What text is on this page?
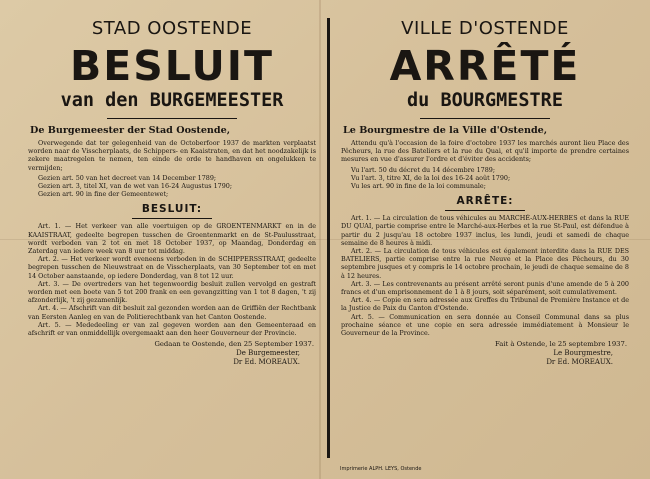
STAD OOSTENDE
BESLUIT
van den BURGEMEESTER
De Burgemeester der Stad Oostende,

Overwegende dat ter gelegenheid van de Octoberfoor 1937 de markten verplaatst worden naar de Visscherplaats, de Schippers- en Kaaistraten, en dat het noodzakelijk is zekere maatregelen te nemen, ten einde de orde te handhaven en ongelukken te vermijden;

Gezien art. 50 van het decreet van 14 December 1789;

Gezien art. 3, titel XI, van de wet van 16-24 Augustus 1790;

Gezien art. 90 in fine der Gemeentewet;

BESLUIT:

Art. 1. — Het verkeer van alle voertuigen op de GROENTENMARKT en in de KAAISTRAAT, gedeelte begrepen tusschen de Groentenmarkt en de St-Paulusstraat, wordt verboden van 2 tot en met 18 October 1937, op Maandag, Donderdag en Zaterdag van iedere week van 8 uur tot middag.

Art. 2. — Het verkeer wordt eveneens verboden in de SCHIPPERSSTRAAT, gedeelte begrepen tusschen de Nieuwstraat en de Visscherplaats, van 30 September tot en met 14 October aanstaande, op iedere Donderdag, van 8 tot 12 uur.

Art. 3. — De overtreders van het tegenwoordig besluit zullen vervolgd en gestraft worden met een boete van 5 tot 200 frank en een gevangzitting van 1 tot 8 dagen, 't zij afzonderlijk, 't zij gezamenlijk.

Art. 4. — Afschrift van dit besluit zal gezonden worden aan de Griffiën der Rechtbank van Eersten Aanleg en van de Politierechtbank van het Canton Oostende.

Art. 5. — Mededeeling er van zal gegeven worden aan den Gemeenteraad en afschrift er van onmiddellijk overgemaakt aan den heer Gouverneur der Provincie.

Gedaan te Oostende, den 25 September 1937.
De Burgemeester,
Dr Ed. MOREAUX.
VILLE D'OSTENDE
ARRÊTÉ
du BOURGMESTRE
Le Bourgmestre de la Ville d'Ostende,

Attendu qu'à l'occasion de la foire d'octobre 1937 les marchés auront lieu Place des Pêcheurs, la rue des Bateliers et la rue du Quai, et qu'il importe de prendre certaines mesures en vue d'assurer l'ordre et d'éviter des accidents;

Vu l'art. 50 du décret du 14 décembre 1789;

Vu l'art. 3, titre XI, de la loi des 16-24 août 1790;

Vu les art. 90 in fine de la loi communale;

ARRÊTE:

Art. 1. — La circulation de tous véhicules au MARCHÉ-AUX-HERBES et dans la RUE DU QUAI, partie comprise entre le Marché-aux-Herbes et la rue St-Paul, est défendue à partir du 2 jusqu'au 18 octobre 1937 inclus, les lundi, jeudi et samedi de chaque semaine de 8 heures à midi.

Art. 2. — La circulation de tous véhicules est également interdite dans la RUE DES BATELIERS, partie comprise entre la rue Neuve et la Place des Pêcheurs, du 30 septembre jusques et y compris le 14 octobre prochain, le jeudi de chaque semaine de 8 à 12 heures.

Art. 3. — Les contrevenants au présent arrêté seront punis d'une amende de 5 à 200 francs et d'un emprisonnement de 1 à 8 jours, soit séparément, soit cumulativement.

Art. 4. — Copie en sera adressée aux Greffes du Tribunal de Première Instance et de la Justice de Paix du Canton d'Ostende.

Art. 5. — Communication en sera donnée au Conseil Communal dans sa plus prochaine séance et une copie en sera adressée immédiatement à Monsieur le Gouverneur de la Province.

Fait à Ostende, le 25 septembre 1937.
Le Bourgmestre,
Dr Ed. MOREAUX.
Imprimerie ALPH. LEYS, Ostende
